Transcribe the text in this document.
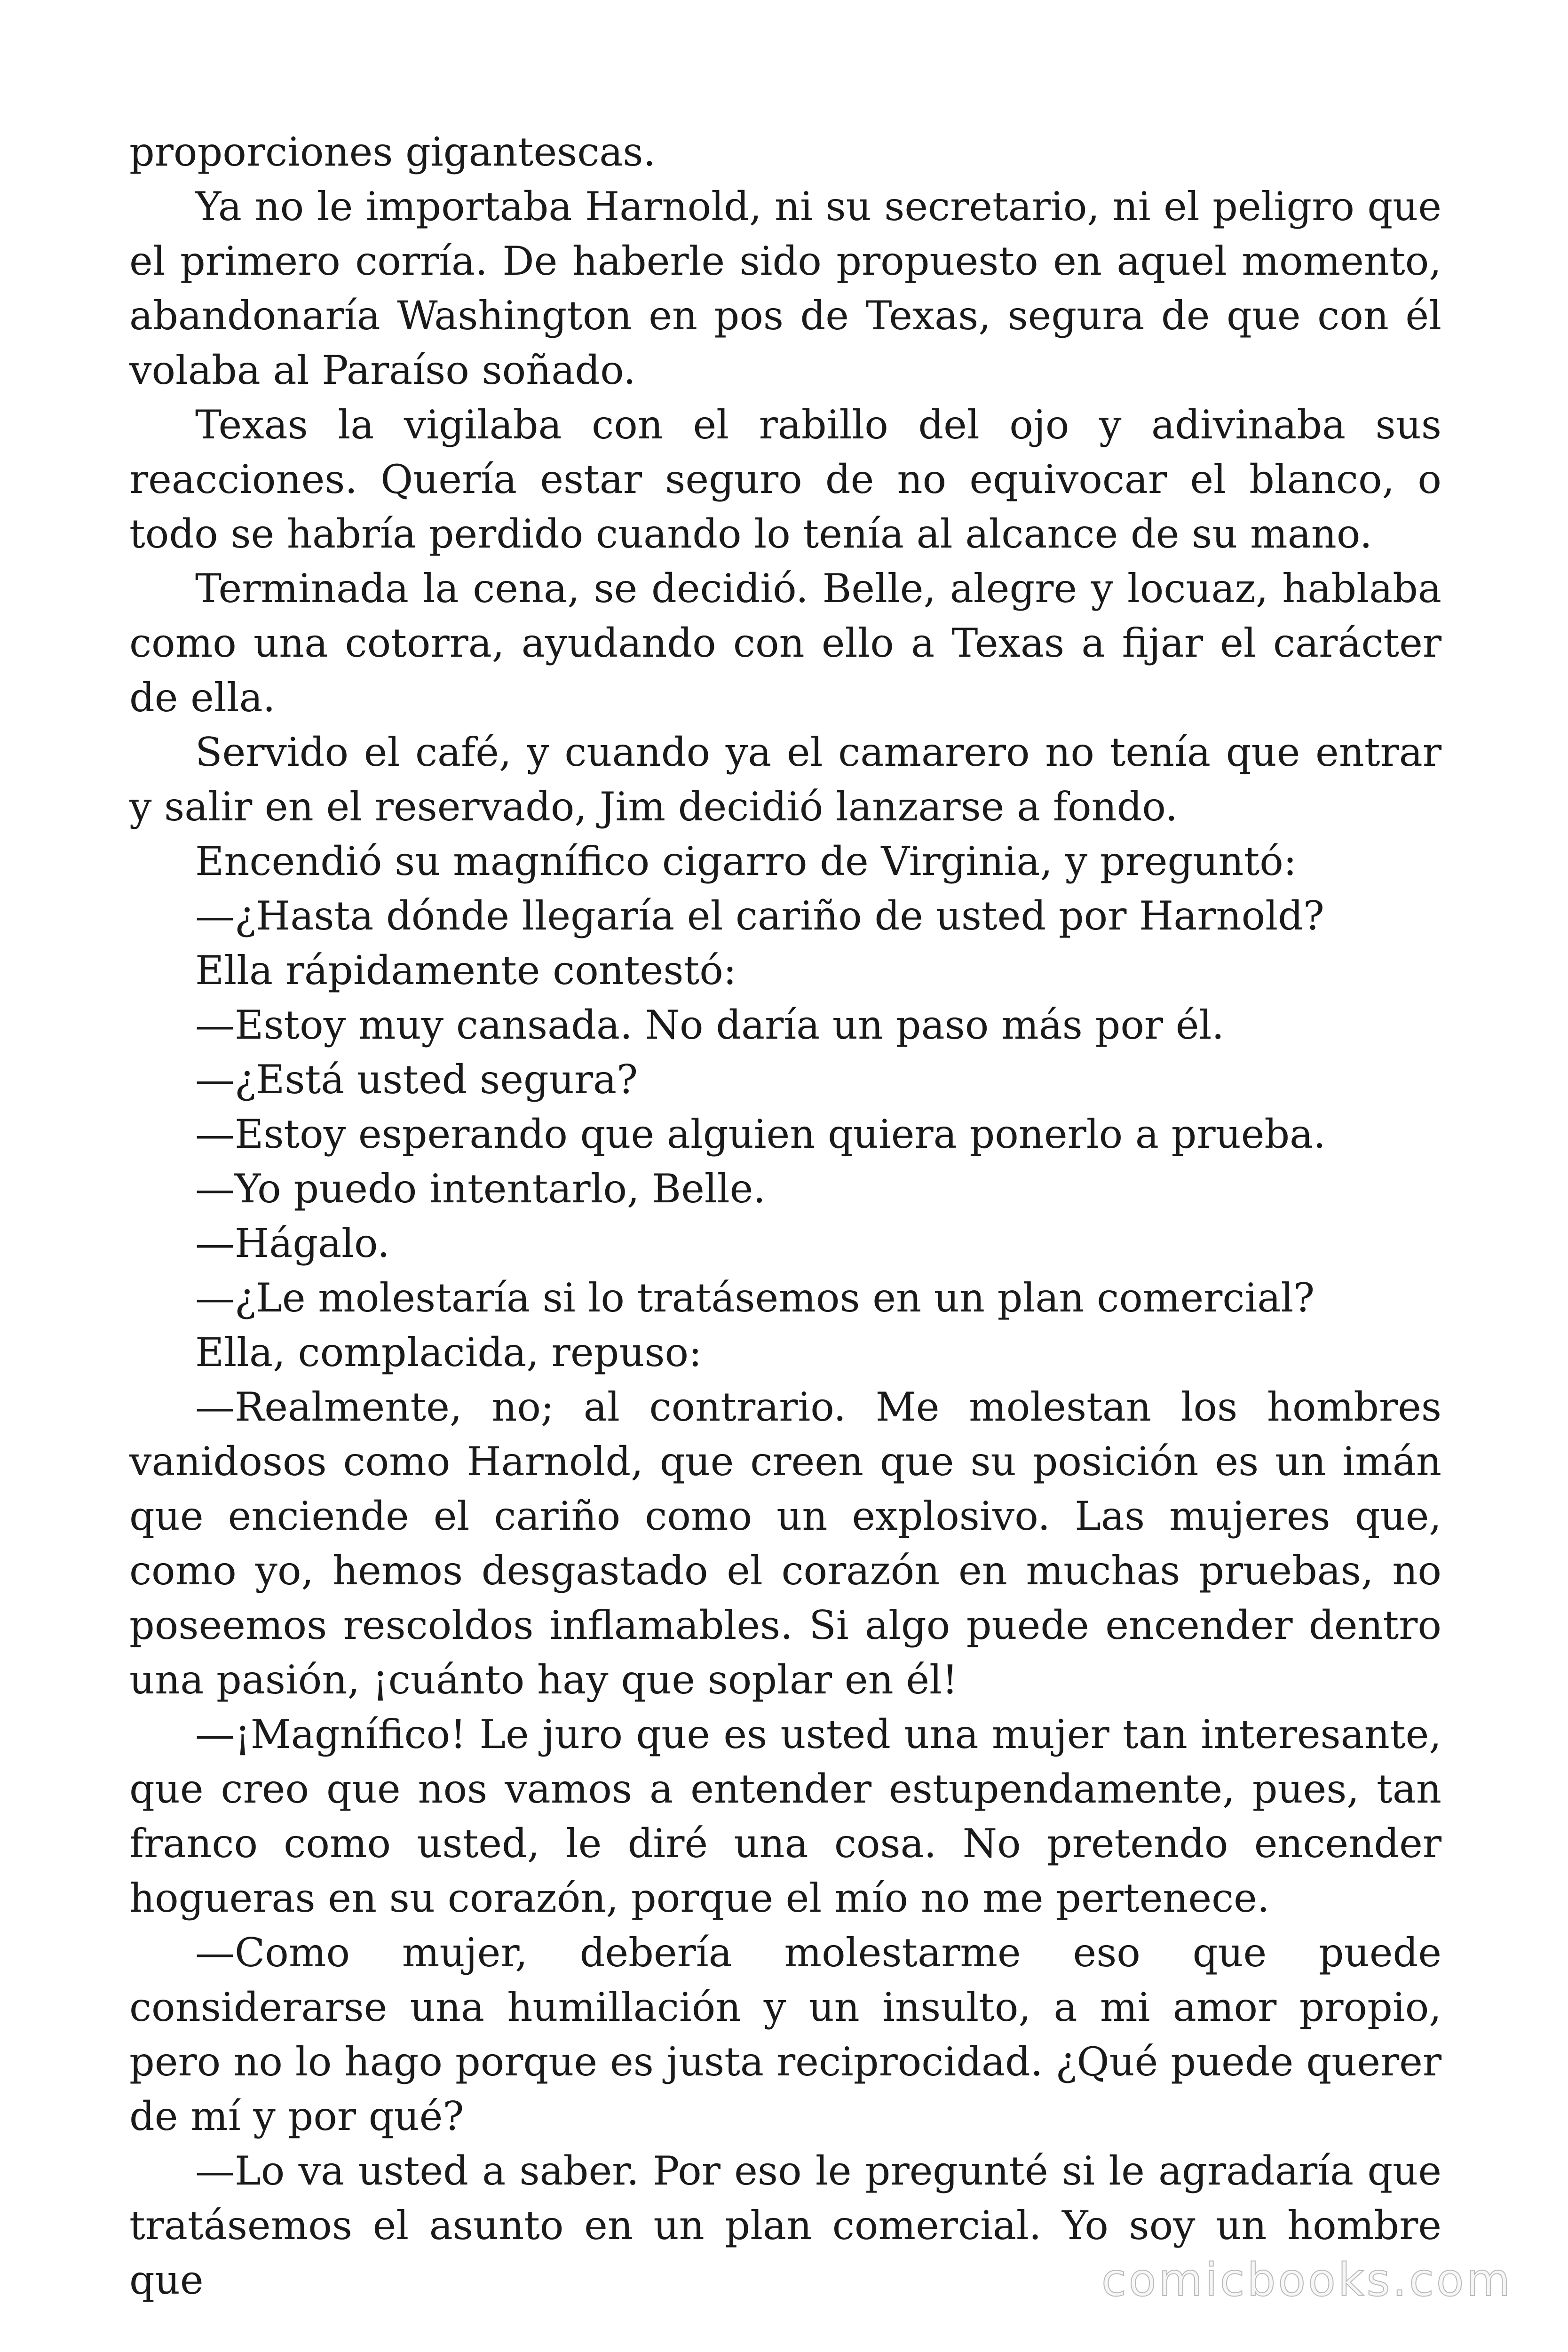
proporciones gigantescas.

Ya no le importaba Harnold, ni su secretario, ni el peligro que el primero corría. De haberle sido propuesto en aquel momento, abandonaría Washington en pos de Texas, segura de que con él volaba al Paraíso soñado.

Texas la vigilaba con el rabillo del ojo y adivinaba sus reacciones. Quería estar seguro de no equivocar el blanco, o todo se habría perdido cuando lo tenía al alcance de su mano.

Terminada la cena, se decidió. Belle, alegre y locuaz, hablaba como una cotorra, ayudando con ello a Texas a fijar el carácter de ella.

Servido el café, y cuando ya el camarero no tenía que entrar y salir en el reservado, Jim decidió lanzarse a fondo.

Encendió su magnífico cigarro de Virginia, y preguntó:

—¿Hasta dónde llegaría el cariño de usted por Harnold?

Ella rápidamente contestó:

—Estoy muy cansada. No daría un paso más por él.

—¿Está usted segura?

—Estoy esperando que alguien quiera ponerlo a prueba.

—Yo puedo intentarlo, Belle.

—Hágalo.

—¿Le molestaría si lo tratásemos en un plan comercial?

Ella, complacida, repuso:

—Realmente, no; al contrario. Me molestan los hombres vanidosos como Harnold, que creen que su posición es un imán que enciende el cariño como un explosivo. Las mujeres que, como yo, hemos desgastado el corazón en muchas pruebas, no poseemos rescoldos inflamables. Si algo puede encender dentro una pasión, ¡cuánto hay que soplar en él!

—¡Magnífico! Le juro que es usted una mujer tan interesante, que creo que nos vamos a entender estupendamente, pues, tan franco como usted, le diré una cosa. No pretendo encender hogueras en su corazón, porque el mío no me pertenece.

—Como mujer, debería molestarme eso que puede considerarse una humillación y un insulto, a mi amor propio, pero no lo hago porque es justa reciprocidad. ¿Qué puede querer de mí y por qué?

—Lo va usted a saber. Por eso le pregunté si le agradaría que tratásemos el asunto en un plan comercial. Yo soy un hombre que	comicbooks.com
